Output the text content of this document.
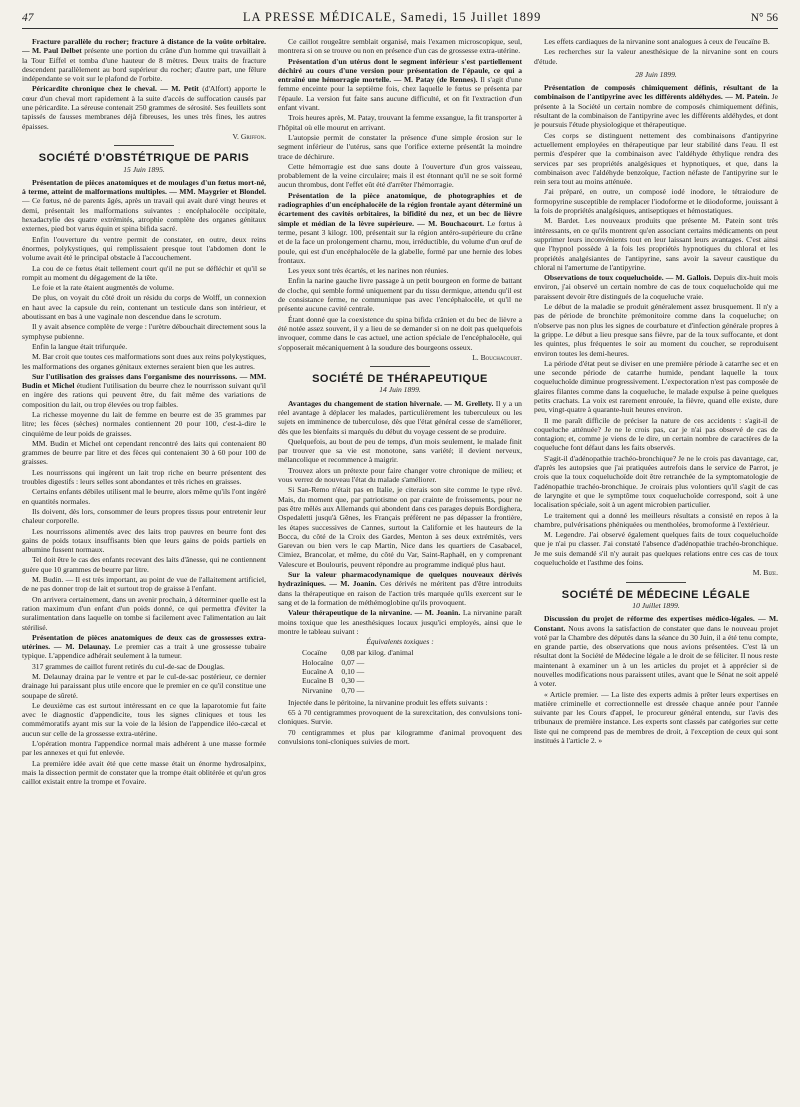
47	LA PRESSE MÉDICALE, Samedi, 15 Juillet 1899	N° 56

Fracture parallèle du rocher; fracture à distance de la voûte orbitaire. — M. Paul Delbet présente une portion du crâne d'un homme qui travaillait à la Tour Eiffel et tomba d'une hauteur de 8 mètres. Deux traits de fracture descendent parallèlement au bord supérieur du rocher; d'autre part, une fêlure indépendante se voit sur le plafond de l'orbite.

Péricardite chronique chez le cheval. — M. Petit (d'Alfort) apporte le cœur d'un cheval mort rapidement à la suite d'accès de suffocation causés par une péricardite. La séreuse contenait 250 grammes de sérosité. Ses feuillets sont tapissés de fausses membranes déjà fibreuses, les unes très fines, les autres épaisses.

V. Griffon.
SOCIÉTÉ D'OBSTÉTRIQUE DE PARIS
15 Juin 1895.

Présentation de pièces anatomiques et de moulages d'un fœtus mort-né, à terme, atteint de malformations multiples. — MM. Maygrier et Blondel. — Ce fœtus, né de parents âgés, après un travail qui avait duré vingt heures et demi, présentait les malformations suivantes : encéphalocèle occipitale, hexadactylie des quatre extrémités, atrophie complète des organes génitaux externes, pied bot varus équin et spina bifida sacré.

Enfin l'ouverture du ventre permit de constater, en outre, deux reins énormes, polykystiques, qui remplissaient presque tout l'abdomen dont le volume avait été le principal obstacle à l'accouchement.

La cou de ce fœtus était tellement court qu'il ne put se défléchir et qu'il se rompit au moment du dégagement de la tête.

Le foie et la rate étaient augmentés de volume.

De plus, on voyait du côté droit un résidu du corps de Wolff, un connexion en haut avec la capsule du rein, contenant un testicule dans son intérieur, et aboutissant en bas à une vaginale non descendue dans le scrotum.

Il y avait absence complète de verge : l'urètre débouchait directement sous la symphyse pubienne.

Enfin la langue était trifurquée.

M. Bar croit que toutes ces malformations sont dues aux reins polykystiques, les malformations des organes génitaux externes seraient bien que les autres.

Sur l'utilisation des graisses dans l'organisme des nourrissons. — MM. Budin et Michel étudient l'utilisation du beurre chez le nourrisson suivant qu'il en ingère des rations qui peuvent être, du fait même des variations de composition du lait, ou trop élevées ou trop faibles.

La richesse moyenne du lait de femme en beurre est de 35 grammes par litre; les fèces (sèches) normales contiennent 20 pour 100, c'est-à-dire le cinquième de leur poids de graisses.

MM. Budin et Michel ont cependant rencontré des laits qui contenaient 80 grammes de beurre par litre et des fèces qui contenaient 30 à 60 pour 100 de graisses.

Les nourrissons qui ingèrent un lait trop riche en beurre présentent des troubles digestifs : leurs selles sont abondantes et très riches en graisses.

Certains enfants débiles utilisent mal le beurre, alors même qu'ils l'ont ingéré en quantités normales.

Ils doivent, dès lors, consommer de leurs propres tissus pour entretenir leur chaleur corporelle.

Les nourrissons alimentés avec des laits trop pauvres en beurre font des gains de poids totaux insuffisants bien que leurs gains de poids partiels en albumine fussent normaux.

Tel doit être le cas des enfants recevant des laits d'ânesse, qui ne contiennent guère que 10 grammes de beurre par litre.

M. Budin. — Il est très important, au point de vue de l'allaitement artificiel, de ne pas donner trop de lait et surtout trop de graisse à l'enfant.

On arrivera certainement, dans un avenir prochain, à déterminer quelle est la ration maximum d'un enfant d'un poids donné, ce qui permettra d'éviter la suralimentation dans laquelle on tombe si facilement avec l'alimentation au lait stérilisé.

Présentation de pièces anatomiques de deux cas de grossesses extra-utérines. — M. Delaunay. Le premier cas a trait à une grossesse tubaire typique. L'appendice adhérait seulement à la tumeur.

317 grammes de caillot furent retirés du cul-de-sac de Douglas.

M. Delaunay draina par le ventre et par le cul-de-sac postérieur, ce dernier drainage lui paraissant plus utile encore que le premier en ce qu'il constitue une soupape de sûreté.

Le deuxième cas est surtout intéressant en ce que la laparotomie fut faite avec le diagnostic d'appendicite, tous les signes cliniques et tous les commémoratifs ayant mis sur la voie de la lésion de l'appendice iléo-cæcal et aucun sur celle de la grossesse extra-utérine.

L'opération montra l'appendice normal mais adhérent à une masse formée par les annexes et qui fut enlevée.

La première idée avait été que cette masse était un énorme hydrosalpinx, mais la dissection permit de constater que la trompe était oblitérée et qu'un gros caillot existait entre la trompe et l'ovaire.

Ce caillot rougeâtre semblait organisé, mais l'examen microscopique, seul, montrera si on se trouve ou non en présence d'un cas de grossesse extra-utérine.

Présentation d'un utérus dont le segment inférieur s'est partiellement déchiré au cours d'une version pour présentation de l'épaule, ce qui a entraîné une hémorragie mortelle. — M. Patay (de Rennes). Il s'agit d'une femme enceinte pour la septième fois, chez laquelle le fœtus se présenta par l'épaule. La version fut faite sans aucune difficulté, et on fit l'extraction d'un enfant vivant.

Trois heures après, M. Patay, trouvant la femme exsangue, la fit transporter à l'hôpital où elle mourut en arrivant.

L'autopsie permit de constater la présence d'une simple érosion sur le segment inférieur de l'utérus, sans que l'orifice externe présentât la moindre trace de déchirure.

Cette hémorragie est due sans doute à l'ouverture d'un gros vaisseau, probablement de la veine circulaire; mais il est étonnant qu'il ne se soit formé aucun thrombus, dont l'effet eût été d'arrêter l'hémorragie.

Présentation de la pièce anatomique, de photographies et de radiographies d'un encéphalocèle de la région frontale ayant déterminé un écartement des cavités orbitaires, la bifidité du nez, et un bec de lièvre simple et médian de la lèvre supérieure. — M. Bouchacourt. Le fœtus à terme, pesant 3 kilogr. 100, présentait sur la région antéro-supérieure du crâne et de la face un prolongement charnu, mou, irréductible, du volume d'un œuf de poule, qui est d'un encéphalocèle de la glabelle, formé par une hernie des lobes frontaux.

Les yeux sont très écartés, et les narines non réunies.

Enfin la narine gauche livre passage à un petit bourgeon en forme de battant de cloche, qui semble formé uniquement par du tissu dermique, attendu qu'il est de consistance ferme, ne communique pas avec l'encéphalocèle, et qu'il ne présente aucune cavité centrale.

Étant donné que la coexistence du spina bifida crânien et du bec de lièvre a été notée assez souvent, il y a lieu de se demander si on ne doit pas quelquefois invoquer, comme dans le cas actuel, une action spéciale de l'encéphalocèle, qui s'opposerait mécaniquement à la soudure des bourgeons osseux.

L. Bouchacourt.
SOCIÉTÉ DE THÉRAPEUTIQUE
14 Juin 1899.

Avantages du changement de station hivernale. — M. Grellety. Il y a un réel avantage à déplacer les malades, particulièrement les tuberculeux ou les sujets en imminence de tuberculose, dès que l'état général cesse de s'améliorer, dès que les bienfaits si marqués du début du voyage cessent de se produire.

Quelquefois, au bout de peu de temps, d'un mois seulement, le malade finit par trouver que sa vie est monotone, sans variété; il devient nerveux, mélancolique et recommence à maigrir.

Trouvez alors un prétexte pour faire changer votre chronique de milieu; et vous verrez de nouveau l'état du malade s'améliorer.

Si San-Remo n'était pas en Italie, je citerais son site comme le type rêvé. Mais, du moment que, par patriotisme on par crainte de froissements, pour ne pas être mêlés aux Allemands qui abondent dans ces parages depuis Bordighera, Ospedaletti jusqu'à Gênes, les Français préfèrent ne pas dépasser la frontière, les étapes successives de Cannes, surtout la Californie et les hauteurs de la Bocca, du côté de la Croix des Gardes, Menton à ses deux extrémités, vers Garevan ou bien vers le cap Martin, Nice dans les quartiers de Casabacel, Cimiez, Brancolar, et même, du côté du Var, Saint-Raphaël, en y comprenant Valescure et Boulouris, peuvent répondre au programme indiqué plus haut.

Sur la valeur pharmacodynamique de quelques nouveaux dérivés hydraziniques. — M. Joanin. Ces dérivés ne méritent pas d'être introduits dans la thérapeutique en raison de l'action très marquée qu'ils exercent sur le sang et de la formation de méthémoglobine qu'ils provoquent.

Valeur thérapeutique de la nirvanine. — M. Joanin. La nirvanine paraît moins toxique que les anesthésiques locaux jusqu'ici employés, ainsi que le montre le tableau suivant :

Équivalents toxiques :
Cocaïne	0,08 par kilog. d'animal
Holocaïne	0,07 —
Eucaïne A	0,10 —
Eucaïne B	0,30 —
Nirvanine	0,70 —

Injectée dans le péritoine, la nirvanine produit les effets suivants :

65 à 70 centigrammes provoquent de la surexcitation, des convulsions toni-cloniques. Survie.

70 centigrammes et plus par kilogramme d'animal provoquent des convulsions toni-cloniques suivies de mort.

Les effets cardiaques de la nirvanine sont analogues à ceux de l'eucaïne B.

Les recherches sur la valeur anesthésique de la nirvanine sont en cours d'étude.

28 Juin 1899.

Présentation de composés chimiquement définis, résultant de la combinaison de l'antipyrine avec les différents aldéhydes. — M. Patein. Je présente à la Société un certain nombre de composés chimiquement définis, résultant de la combinaison de l'antipyrine avec les différents aldéhydes, et dont je poursuis l'étude physiologique et thérapeutique.

Ces corps se distinguent nettement des combinaisons d'antipyrine actuellement employées en thérapeutique par leur stabilité dans l'eau. Il est permis d'espérer que la combinaison avec l'aldéhyde éthylique rendra des services par ses propriétés analgésiques et hypnotiques, et que, dans la combinaison avec l'aldéhyde benzoïque, l'action néfaste de l'antipyrine sur le rein sera tout au moins atténuée.

J'ai préparé, en outre, un composé iodé inodore, le tétraiodure de formopyrine susceptible de remplacer l'iodoforme et le diiodoforme, jouissant à la fois de propriétés analgésiques, antiseptiques et hémostatiques.

M. Bardet. Les nouveaux produits que présente M. Patein sont très intéressants, en ce qu'ils montrent qu'en associant certains médicaments on peut supprimer leurs inconvénients tout en leur laissant leurs avantages. C'est ainsi que l'hypnol possède à la fois les propriétés hypnotiques du chloral et les propriétés analgésiantes de l'antipyrine, sans avoir la saveur caustique du chloral ni l'amertume de l'antipyrine.

Observations de toux coqueluchoïde. — M. Gallois. Depuis dix-huit mois environ, j'ai observé un certain nombre de cas de toux coqueluchoïde qui me paraissent devoir être distingués de la coqueluche vraie.

Le début de la maladie se produit généralement assez brusquement. Il n'y a pas de période de bronchite prémonitoire comme dans la coqueluche; on n'observe pas non plus les signes de courbature et d'infection générale propres à la grippe. Le début a lieu presque sans fièvre, par de la toux suffocante, et dont les quintes, plus fréquentes le soir au moment du coucher, se reproduisent environ toutes les demi-heures.

La période d'état peut se diviser en une première période à catarrhe sec et en une seconde période de catarrhe humide, pendant laquelle la toux coqueluchoïde diminue progressivement. L'expectoration n'est pas composée de glaires filantes comme dans la coqueluche, le malade expulse à peine quelques petits crachats. La voix est rarement enrouée, la fièvre, quand elle existe, dure peu, vingt-quatre à quarante-huit heures environ.

Il me paraît difficile de préciser la nature de ces accidents : s'agit-il de coqueluche atténuée? Je ne le crois pas, car je n'ai pas observé de cas de contagion; et, comme je viens de le dire, un certain nombre de caractères de la coqueluche font défaut dans les faits observés.

S'agit-il d'adénopathie trachéo-bronchique? Je ne le crois pas davantage, car, d'après les autopsies que j'ai pratiquées autrefois dans le service de Parrot, je crois que la toux coqueluchoïde doit être retranchée de la symptomatologie de l'adénopathie trachéo-bronchique. Je croirais plus volontiers qu'il s'agit de cas de laryngite et que le symptôme toux coqueluchoïde correspond, soit à une localisation spéciale, soit à un agent microbien particulier.

Le traitement qui a donné les meilleurs résultats a consisté en repos à la chambre, pulvérisations phéniquées ou mentholées, bromoforme à l'extérieur.

M. Legendre. J'ai observé également quelques faits de toux coqueluchoïde que je n'ai pu classer. J'ai constaté l'absence d'adénopathie trachéo-bronchique. Je me suis demandé s'il n'y aurait pas quelques relations entre ces cas de toux coqueluchoïde et l'asthme des foins.

M. Bize.
SOCIÉTÉ DE MÉDECINE LÉGALE
10 Juillet 1899.

Discussion du projet de réforme des expertises médico-légales. — M. Constant. Nous avons la satisfaction de constater que dans le nouveau projet voté par la Chambre des députés dans la séance du 30 Juin, il a été tenu compte, en grande partie, des observations que nous avions présentées. C'est là un résultat dont la Société de Médecine légale a le droit de se féliciter. Il nous reste maintenant à examiner un à un les articles du projet et à apprécier si de nouvelles modifications nous paraissent utiles, avant que le Sénat ne soit appelé à voter.

« Article premier. — La liste des experts admis à prêter leurs expertises en matière criminelle et correctionnelle est dressée chaque année pour l'année suivante par les Cours d'appel, le procureur général entendu, sur l'avis des tribunaux de première instance. Les experts sont classés par catégories sur cette liste qui ne comprend pas de membres de droit, à l'exception de ceux qui sont institués à l'article 2. »
